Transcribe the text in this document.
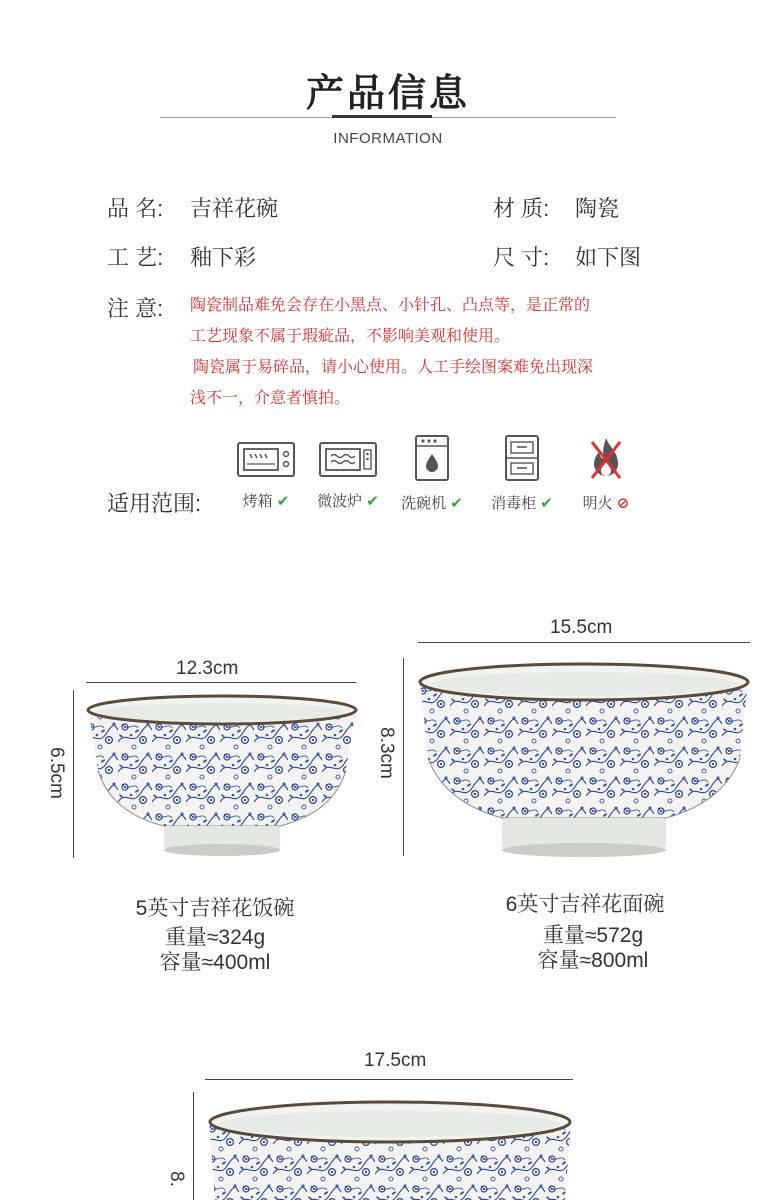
产品信息
INFORMATION
品 名: 吉祥花碗	材 质: 陶瓷
工 艺: 釉下彩	尺 寸: 如下图
注 意: 陶瓷制品难免会存在小黑点、小针孔、凸点等，是正常的
工艺现象不属于瑕疵品，不影响美观和使用。
陶瓷属于易碎品，请小心使用。人工手绘图案难免出现深
浅不一，介意者慎拍。
适用范围:	烤箱 ✔	微波炉 ✔	洗碗机 ✔	消毒柜 ✔	明火 ⊘
12.3cm
6.5cm
5英寸吉祥花饭碗
重量≈324g
容量≈400ml
15.5cm
8.3cm
6英寸吉祥花面碗
重量≈572g
容量≈800ml
17.5cm
8.
